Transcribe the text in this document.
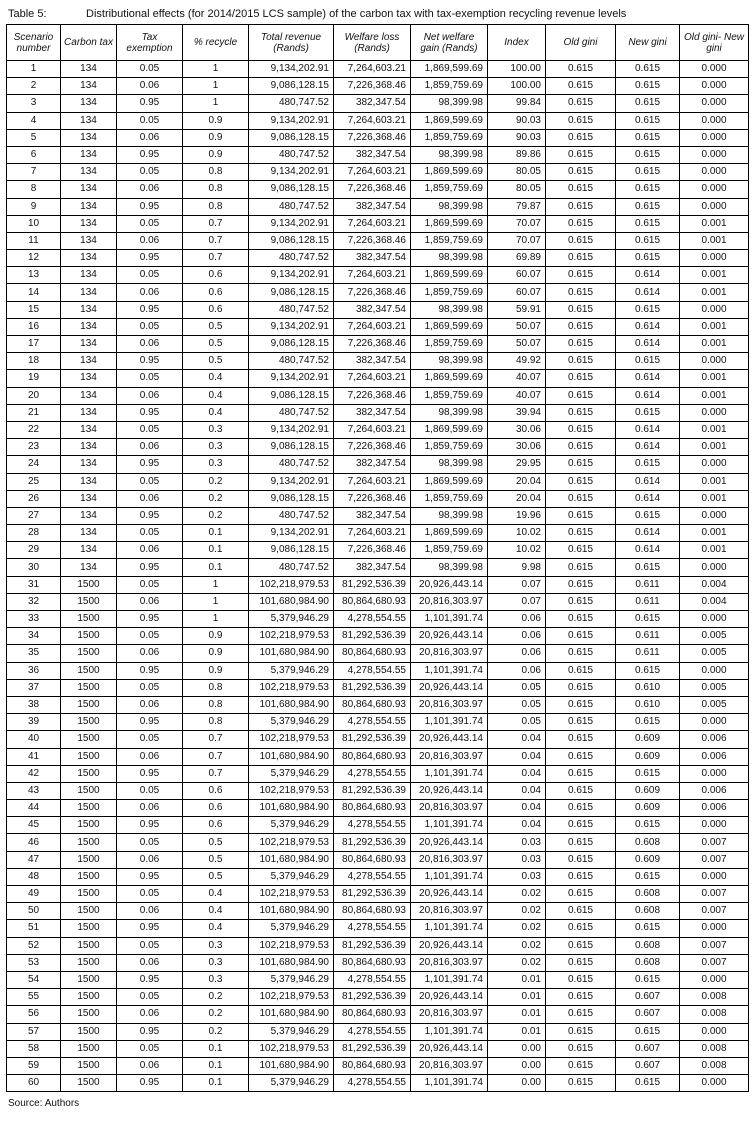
Table 5:	Distributional effects (for 2014/2015 LCS sample) of the carbon tax with tax-exemption recycling revenue levels
Scenario number	Carbon tax	Tax exemption	% recycle	Total revenue (Rands)	Welfare loss (Rands)	Net welfare gain (Rands)	Index	Old gini	New gini	Old gini- New gini
1	134	0.05	1	9,134,202.91	7,264,603.21	1,869,599.69	100.00	0.615	0.615	0.000
2	134	0.06	1	9,086,128.15	7,226,368.46	1,859,759.69	100.00	0.615	0.615	0.000
3	134	0.95	1	480,747.52	382,347.54	98,399.98	99.84	0.615	0.615	0.000
4	134	0.05	0.9	9,134,202.91	7,264,603.21	1,869,599.69	90.03	0.615	0.615	0.000
5	134	0.06	0.9	9,086,128.15	7,226,368.46	1,859,759.69	90.03	0.615	0.615	0.000
6	134	0.95	0.9	480,747.52	382,347.54	98,399.98	89.86	0.615	0.615	0.000
7	134	0.05	0.8	9,134,202.91	7,264,603.21	1,869,599.69	80.05	0.615	0.615	0.000
8	134	0.06	0.8	9,086,128.15	7,226,368.46	1,859,759.69	80.05	0.615	0.615	0.000
9	134	0.95	0.8	480,747.52	382,347.54	98,399.98	79.87	0.615	0.615	0.000
10	134	0.05	0.7	9,134,202.91	7,264,603.21	1,869,599.69	70.07	0.615	0.615	0.001
11	134	0.06	0.7	9,086,128.15	7,226,368.46	1,859,759.69	70.07	0.615	0.615	0.001
12	134	0.95	0.7	480,747.52	382,347.54	98,399.98	69.89	0.615	0.615	0.000
13	134	0.05	0.6	9,134,202.91	7,264,603.21	1,869,599.69	60.07	0.615	0.614	0.001
14	134	0.06	0.6	9,086,128.15	7,226,368.46	1,859,759.69	60.07	0.615	0.614	0.001
15	134	0.95	0.6	480,747.52	382,347.54	98,399.98	59.91	0.615	0.615	0.000
16	134	0.05	0.5	9,134,202.91	7,264,603.21	1,869,599.69	50.07	0.615	0.614	0.001
17	134	0.06	0.5	9,086,128.15	7,226,368.46	1,859,759.69	50.07	0.615	0.614	0.001
18	134	0.95	0.5	480,747.52	382,347.54	98,399.98	49.92	0.615	0.615	0.000
19	134	0.05	0.4	9,134,202.91	7,264,603.21	1,869,599.69	40.07	0.615	0.614	0.001
20	134	0.06	0.4	9,086,128.15	7,226,368.46	1,859,759.69	40.07	0.615	0.614	0.001
21	134	0.95	0.4	480,747.52	382,347.54	98,399.98	39.94	0.615	0.615	0.000
22	134	0.05	0.3	9,134,202.91	7,264,603.21	1,869,599.69	30.06	0.615	0.614	0.001
23	134	0.06	0.3	9,086,128.15	7,226,368.46	1,859,759.69	30.06	0.615	0.614	0.001
24	134	0.95	0.3	480,747.52	382,347.54	98,399.98	29.95	0.615	0.615	0.000
25	134	0.05	0.2	9,134,202.91	7,264,603.21	1,869,599.69	20.04	0.615	0.614	0.001
26	134	0.06	0.2	9,086,128.15	7,226,368.46	1,859,759.69	20.04	0.615	0.614	0.001
27	134	0.95	0.2	480,747.52	382,347.54	98,399.98	19.96	0.615	0.615	0.000
28	134	0.05	0.1	9,134,202.91	7,264,603.21	1,869,599.69	10.02	0.615	0.614	0.001
29	134	0.06	0.1	9,086,128.15	7,226,368.46	1,859,759.69	10.02	0.615	0.614	0.001
30	134	0.95	0.1	480,747.52	382,347.54	98,399.98	9.98	0.615	0.615	0.000
31	1500	0.05	1	102,218,979.53	81,292,536.39	20,926,443.14	0.07	0.615	0.611	0.004
32	1500	0.06	1	101,680,984.90	80,864,680.93	20,816,303.97	0.07	0.615	0.611	0.004
33	1500	0.95	1	5,379,946.29	4,278,554.55	1,101,391.74	0.06	0.615	0.615	0.000
34	1500	0.05	0.9	102,218,979.53	81,292,536.39	20,926,443.14	0.06	0.615	0.611	0.005
35	1500	0.06	0.9	101,680,984.90	80,864,680.93	20,816,303.97	0.06	0.615	0.611	0.005
36	1500	0.95	0.9	5,379,946.29	4,278,554.55	1,101,391.74	0.06	0.615	0.615	0.000
37	1500	0.05	0.8	102,218,979.53	81,292,536.39	20,926,443.14	0.05	0.615	0.610	0.005
38	1500	0.06	0.8	101,680,984.90	80,864,680.93	20,816,303.97	0.05	0.615	0.610	0.005
39	1500	0.95	0.8	5,379,946.29	4,278,554.55	1,101,391.74	0.05	0.615	0.615	0.000
40	1500	0.05	0.7	102,218,979.53	81,292,536.39	20,926,443.14	0.04	0.615	0.609	0.006
41	1500	0.06	0.7	101,680,984.90	80,864,680.93	20,816,303.97	0.04	0.615	0.609	0.006
42	1500	0.95	0.7	5,379,946.29	4,278,554.55	1,101,391.74	0.04	0.615	0.615	0.000
43	1500	0.05	0.6	102,218,979.53	81,292,536.39	20,926,443.14	0.04	0.615	0.609	0.006
44	1500	0.06	0.6	101,680,984.90	80,864,680.93	20,816,303.97	0.04	0.615	0.609	0.006
45	1500	0.95	0.6	5,379,946.29	4,278,554.55	1,101,391.74	0.04	0.615	0.615	0.000
46	1500	0.05	0.5	102,218,979.53	81,292,536.39	20,926,443.14	0.03	0.615	0.608	0.007
47	1500	0.06	0.5	101,680,984.90	80,864,680.93	20,816,303.97	0.03	0.615	0.609	0.007
48	1500	0.95	0.5	5,379,946.29	4,278,554.55	1,101,391.74	0.03	0.615	0.615	0.000
49	1500	0.05	0.4	102,218,979.53	81,292,536.39	20,926,443.14	0.02	0.615	0.608	0.007
50	1500	0.06	0.4	101,680,984.90	80,864,680.93	20,816,303.97	0.02	0.615	0.608	0.007
51	1500	0.95	0.4	5,379,946.29	4,278,554.55	1,101,391.74	0.02	0.615	0.615	0.000
52	1500	0.05	0.3	102,218,979.53	81,292,536.39	20,926,443.14	0.02	0.615	0.608	0.007
53	1500	0.06	0.3	101,680,984.90	80,864,680.93	20,816,303.97	0.02	0.615	0.608	0.007
54	1500	0.95	0.3	5,379,946.29	4,278,554.55	1,101,391.74	0.01	0.615	0.615	0.000
55	1500	0.05	0.2	102,218,979.53	81,292,536.39	20,926,443.14	0.01	0.615	0.607	0.008
56	1500	0.06	0.2	101,680,984.90	80,864,680.93	20,816,303.97	0.01	0.615	0.607	0.008
57	1500	0.95	0.2	5,379,946.29	4,278,554.55	1,101,391.74	0.01	0.615	0.615	0.000
58	1500	0.05	0.1	102,218,979.53	81,292,536.39	20,926,443.14	0.00	0.615	0.607	0.008
59	1500	0.06	0.1	101,680,984.90	80,864,680.93	20,816,303.97	0.00	0.615	0.607	0.008
60	1500	0.95	0.1	5,379,946.29	4,278,554.55	1,101,391.74	0.00	0.615	0.615	0.000
Source: Authors
